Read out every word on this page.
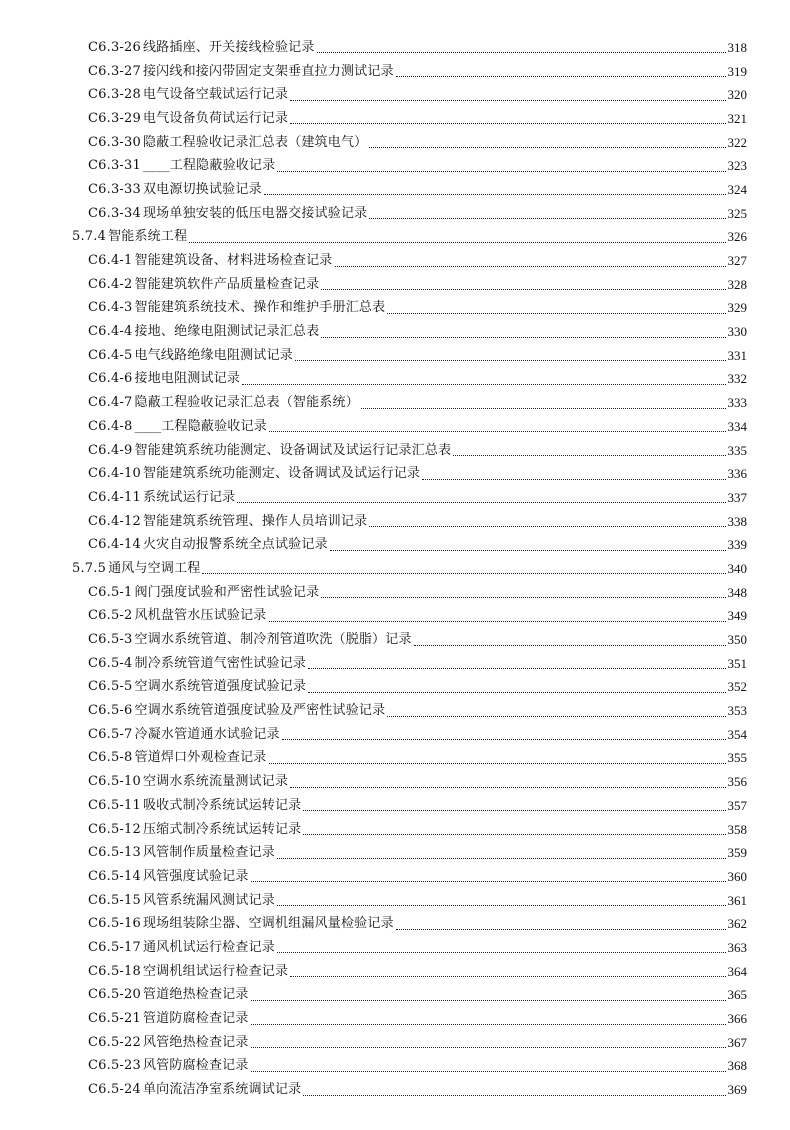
C6.3-26 线路插座、开关接线检验记录	318
C6.3-27 接闪线和接闪带固定支架垂直拉力测试记录	319
C6.3-28 电气设备空载试运行记录	320
C6.3-29 电气设备负荷试运行记录	321
C6.3-30 隐蔽工程验收记录汇总表（建筑电气）	322
C6.3-31 ____工程隐蔽验收记录	323
C6.3-33 双电源切换试验记录	324
C6.3-34 现场单独安装的低压电器交接试验记录	325
5.7.4 智能系统工程	326
C6.4-1 智能建筑设备、材料进场检查记录	327
C6.4-2 智能建筑软件产品质量检查记录	328
C6.4-3 智能建筑系统技术、操作和维护手册汇总表	329
C6.4-4 接地、绝缘电阻测试记录汇总表	330
C6.4-5 电气线路绝缘电阻测试记录	331
C6.4-6 接地电阻测试记录	332
C6.4-7 隐蔽工程验收记录汇总表（智能系统）	333
C6.4-8 ____工程隐蔽验收记录	334
C6.4-9 智能建筑系统功能测定、设备调试及试运行记录汇总表	335
C6.4-10 智能建筑系统功能测定、设备调试及试运行记录	336
C6.4-11 系统试运行记录	337
C6.4-12 智能建筑系统管理、操作人员培训记录	338
C6.4-14 火灾自动报警系统全点试验记录	339
5.7.5 通风与空调工程	340
C6.5-1 阀门强度试验和严密性试验记录	348
C6.5-2 风机盘管水压试验记录	349
C6.5-3 空调水系统管道、制冷剂管道吹洗（脱脂）记录	350
C6.5-4 制冷系统管道气密性试验记录	351
C6.5-5 空调水系统管道强度试验记录	352
C6.5-6 空调水系统管道强度试验及严密性试验记录	353
C6.5-7 冷凝水管道通水试验记录	354
C6.5-8 管道焊口外观检查记录	355
C6.5-10 空调水系统流量测试记录	356
C6.5-11 吸收式制冷系统试运转记录	357
C6.5-12 压缩式制冷系统试运转记录	358
C6.5-13 风管制作质量检查记录	359
C6.5-14 风管强度试验记录	360
C6.5-15 风管系统漏风测试记录	361
C6.5-16 现场组装除尘器、空调机组漏风量检验记录	362
C6.5-17 通风机试运行检查记录	363
C6.5-18 空调机组试运行检查记录	364
C6.5-20 管道绝热检查记录	365
C6.5-21 管道防腐检查记录	366
C6.5-22 风管绝热检查记录	367
C6.5-23 风管防腐检查记录	368
C6.5-24 单向流洁净室系统调试记录	369
